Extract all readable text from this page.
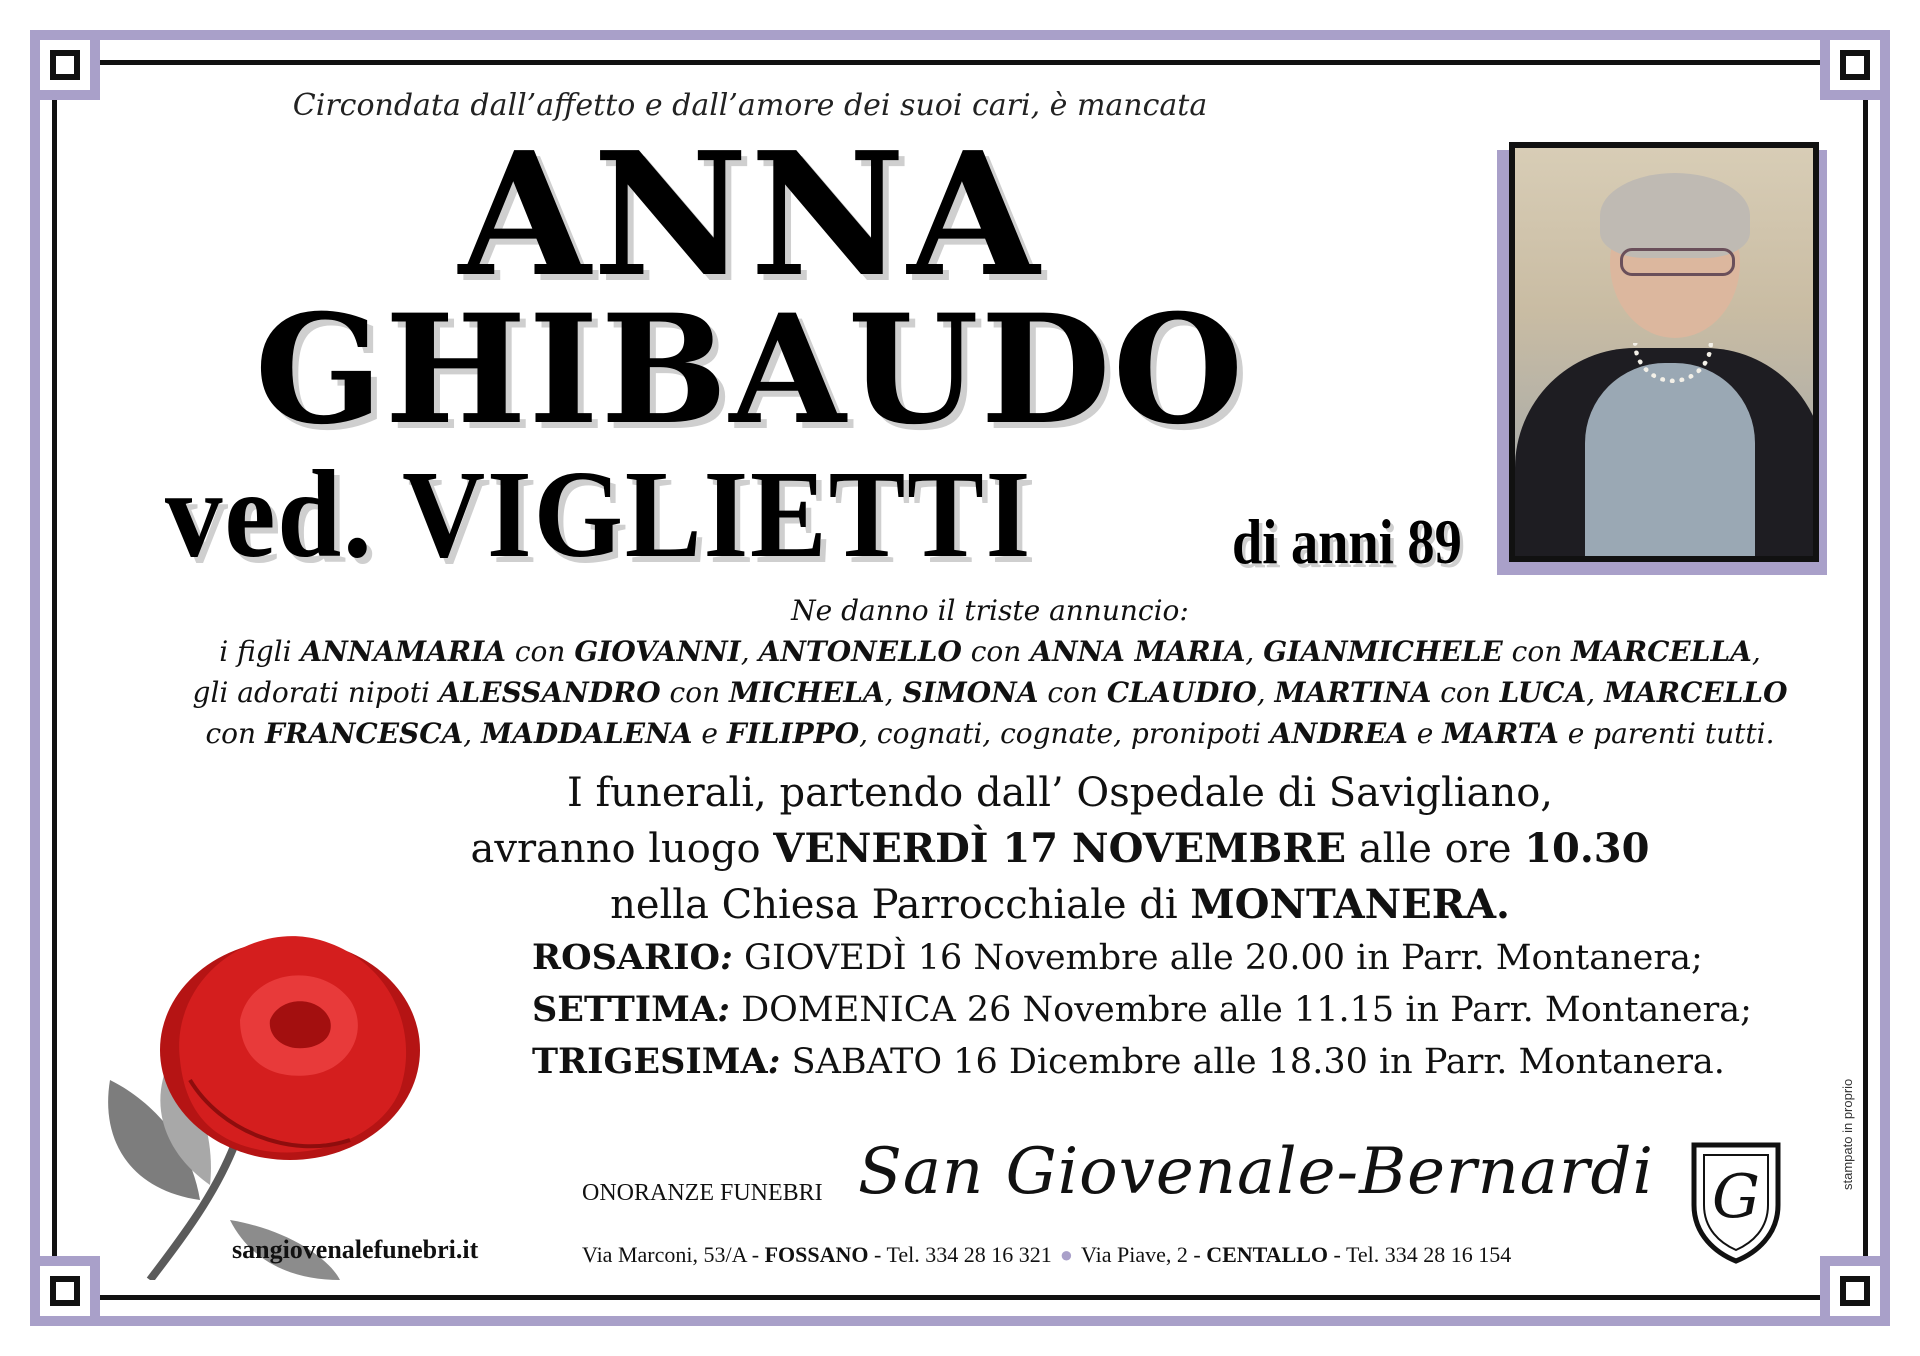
Circondata dall’affetto e dall’amore dei suoi cari, è mancata
ANNA
GHIBAUDO
ved. VIGLIETTI	di anni 89
Ne danno il triste annuncio:
i figli ANNAMARIA con GIOVANNI, ANTONELLO con ANNA MARIA, GIANMICHELE con MARCELLA,
gli adorati nipoti ALESSANDRO con MICHELA, SIMONA con CLAUDIO, MARTINA con LUCA, MARCELLO
con FRANCESCA, MADDALENA e FILIPPO, cognati, cognate, pronipoti ANDREA e MARTA e parenti tutti.
I funerali, partendo dall’ Ospedale di Savigliano,
avranno luogo VENERDÌ 17 NOVEMBRE alle ore 10.30
nella Chiesa Parrocchiale di MONTANERA.
ROSARIO: GIOVEDÌ 16 Novembre alle 20.00 in Parr. Montanera;
SETTIMA: DOMENICA 26 Novembre alle 11.15 in Parr. Montanera;
TRIGESIMA: SABATO 16 Dicembre alle 18.30 in Parr. Montanera.
sangiovenalefunebri.it
ONORANZE FUNEBRI San Giovenale-Bernardi G
Via Marconi, 53/A - FOSSANO - Tel. 334 28 16 321 ● Via Piave, 2 - CENTALLO - Tel. 334 28 16 154
stampato in proprio
